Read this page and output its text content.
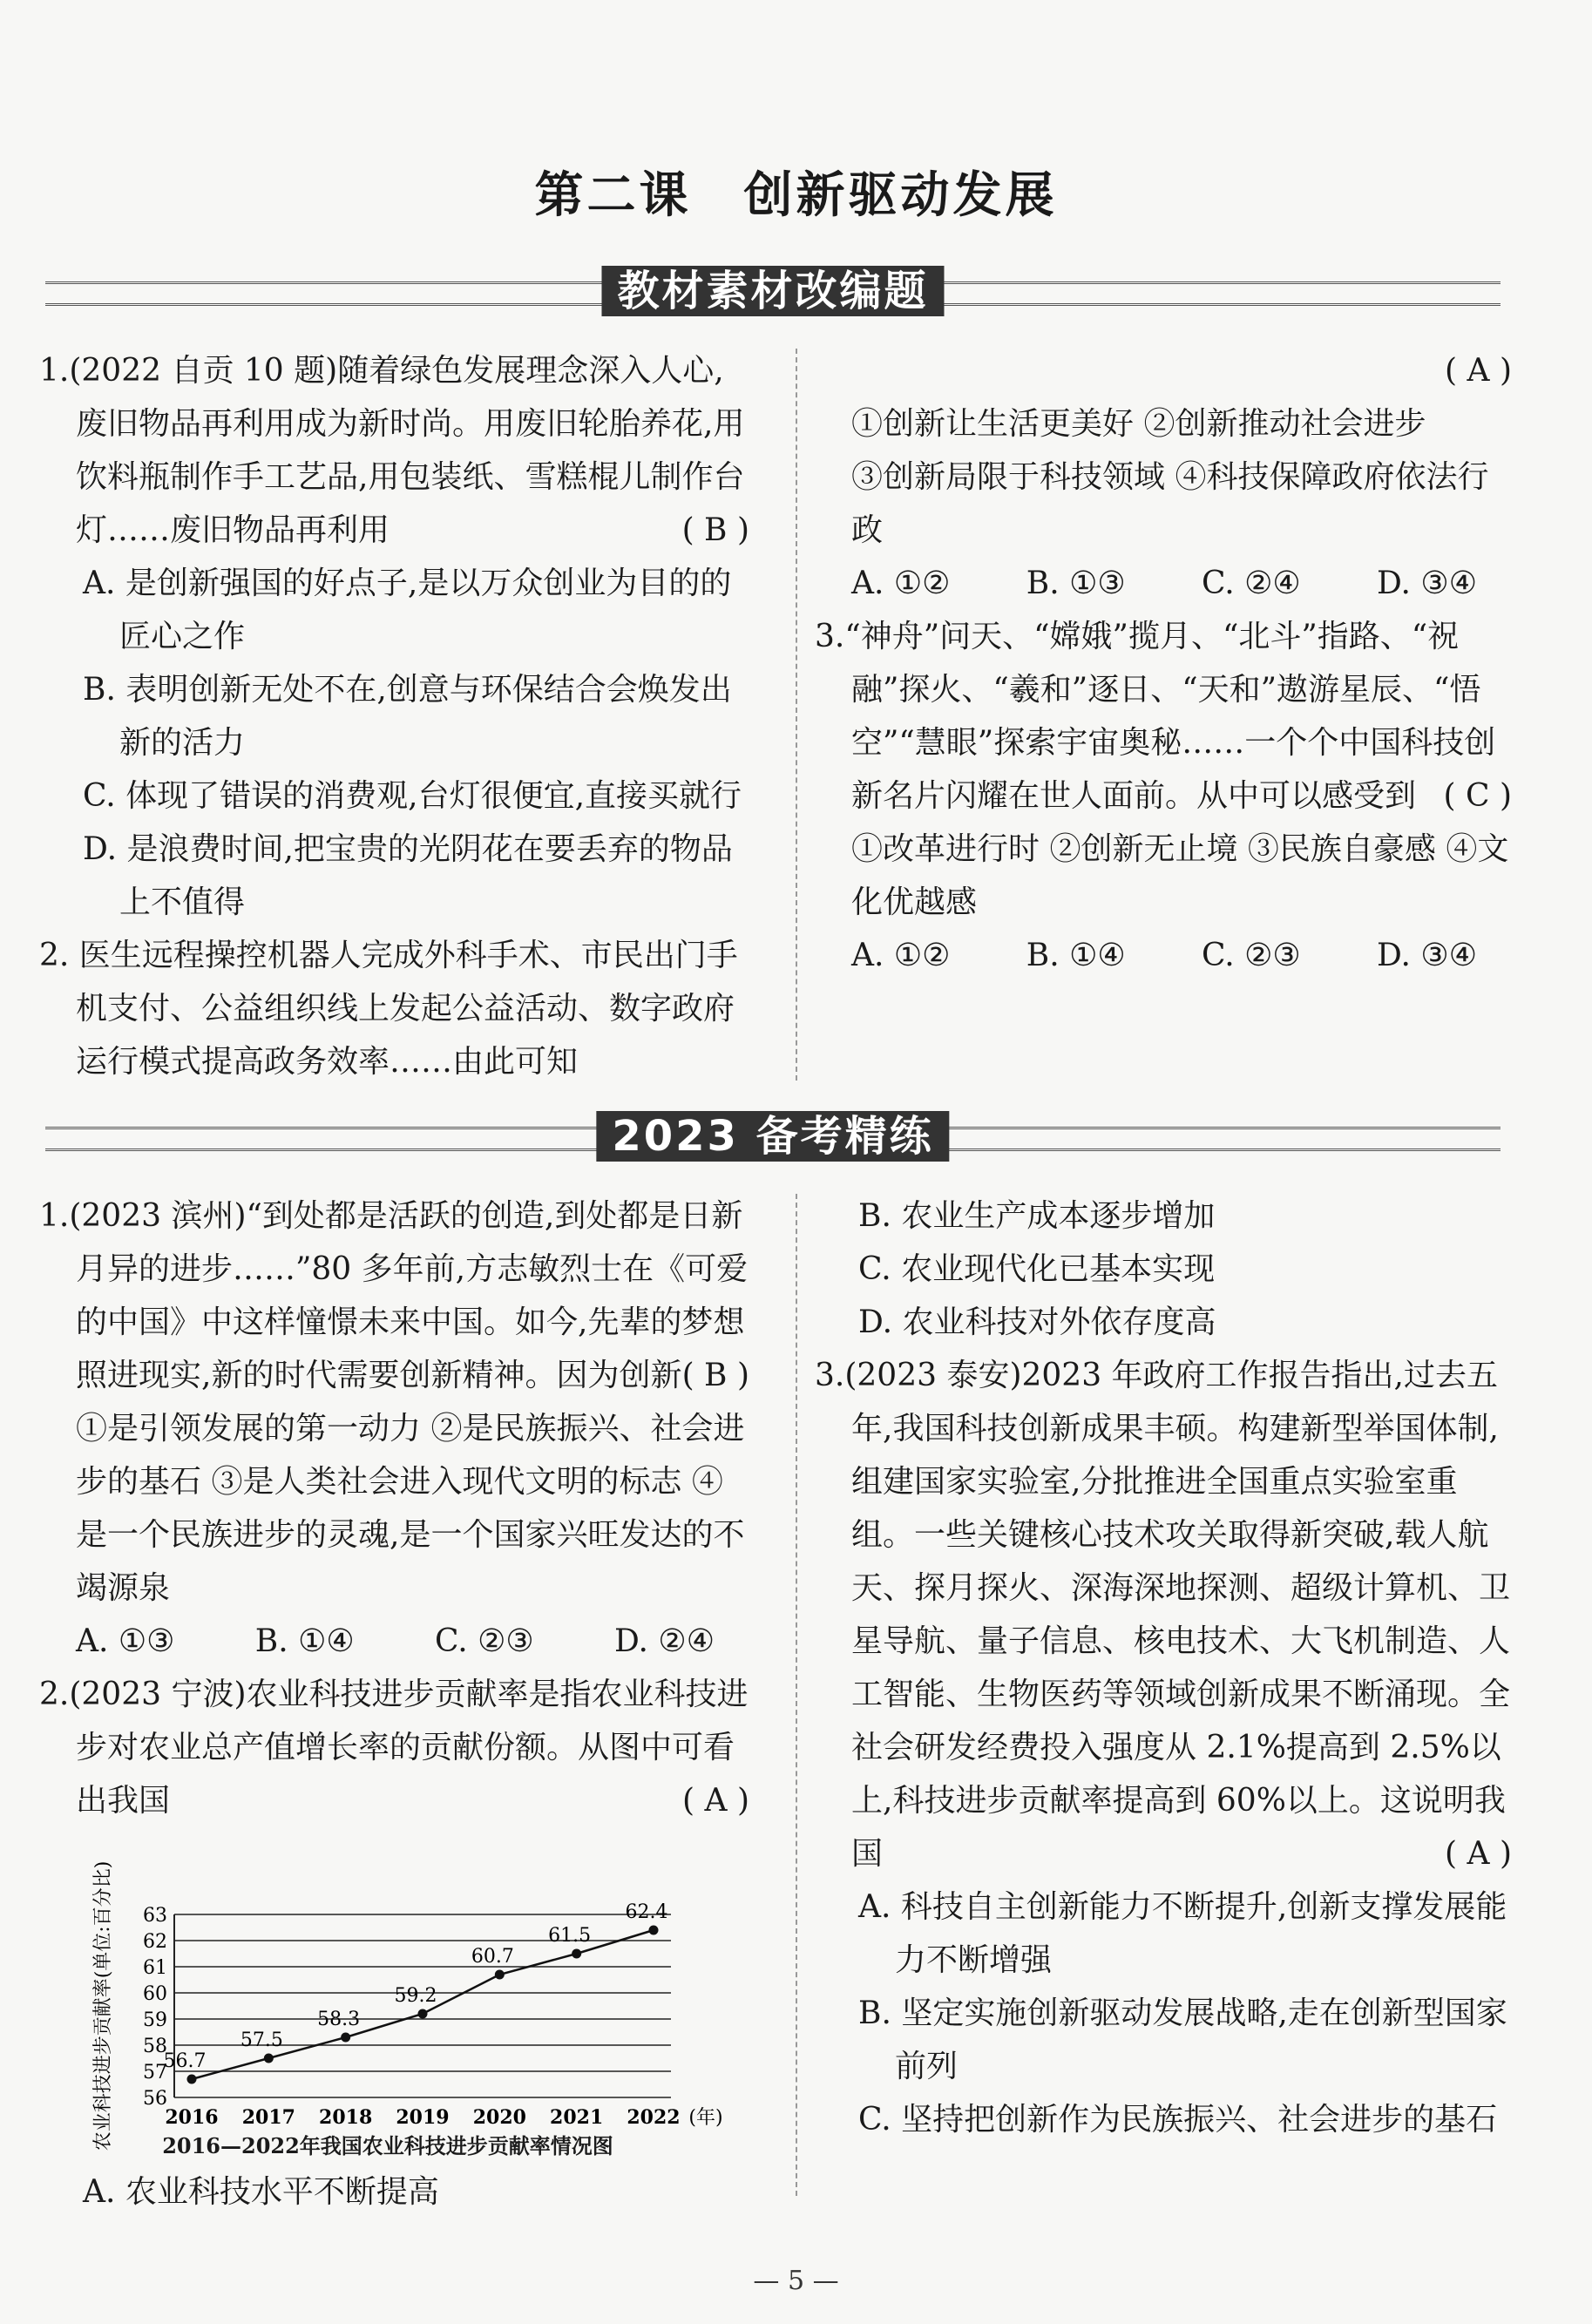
第二课 创新驱动发展
教材素材改编题

1.(2022 自贡 10 题)随着绿色发展理念深入人心,废旧物品再利用成为新时尚。用废旧轮胎养花,用饮料瓶制作手工艺品,用包装纸、雪糕棍儿制作台灯……废旧物品再利用	( B )

A. 是创新强国的好点子,是以万众创业为目的的匠心之作

B. 表明创新无处不在,创意与环保结合会焕发出新的活力

C. 体现了错误的消费观,台灯很便宜,直接买就行

D. 是浪费时间,把宝贵的光阴花在要丢弃的物品上不值得

2. 医生远程操控机器人完成外科手术、市民出门手机支付、公益组织线上发起公益活动、数字政府运行模式提高政务效率……由此可知

( A )

①创新让生活更美好 ②创新推动社会进步

③创新局限于科技领域 ④科技保障政府依法行政

A. ①② B. ①③ C. ②④ D. ③④

3.“神舟”问天、“嫦娥”揽月、“北斗”指路、“祝融”探火、“羲和”逐日、“天和”遨游星辰、“悟空”“慧眼”探索宇宙奥秘……一个个中国科技创新名片闪耀在世人面前。从中可以感受到 ( C )

①改革进行时 ②创新无止境 ③民族自豪感 ④文化优越感

A. ①② B. ①④ C. ②③ D. ③④
2023 备考精练

1.(2023 滨州)“到处都是活跃的创造,到处都是日新月异的进步……”80 多年前,方志敏烈士在《可爱的中国》中这样憧憬未来中国。如今,先辈的梦想照进现实,新的时代需要创新精神。因为创新 ( B )

①是引领发展的第一动力 ②是民族振兴、社会进步的基石 ③是人类社会进入现代文明的标志 ④是一个民族进步的灵魂,是一个国家兴旺发达的不竭源泉

A. ①③	B. ①④	C. ②③	D. ②④

2.(2023 宁波)农业科技进步贡献率是指农业科技进步对农业总产值增长率的贡献份额。从图中可看出我国	( A )

56
57
58
59
60
61
62
63
2016 2017 2018 2019 2020 2021 2022 (年)
农业科技进步贡献率(单位:百分比)	56.7
57.5
58.3
59.2
60.7
61.5
62.4
2016—2022年我国农业科技进步贡献率情况图

A. 农业科技水平不断提高

B. 农业生产成本逐步增加

C. 农业现代化已基本实现

D. 农业科技对外依存度高

3.(2023 泰安)2023 年政府工作报告指出,过去五年,我国科技创新成果丰硕。构建新型举国体制,组建国家实验室,分批推进全国重点实验室重组。一些关键核心技术攻关取得新突破,载人航天、探月探火、深海深地探测、超级计算机、卫星导航、量子信息、核电技术、大飞机制造、人工智能、生物医药等领域创新成果不断涌现。全社会研发经费投入强度从 2.1%提高到 2.5%以上,科技进步贡献率提高到 60%以上。这说明我国	( A )

A. 科技自主创新能力不断提升,创新支撑发展能力不断增强

B. 坚定实施创新驱动发展战略,走在创新型国家前列

C. 坚持把创新作为民族振兴、社会进步的基石

— 5 —
